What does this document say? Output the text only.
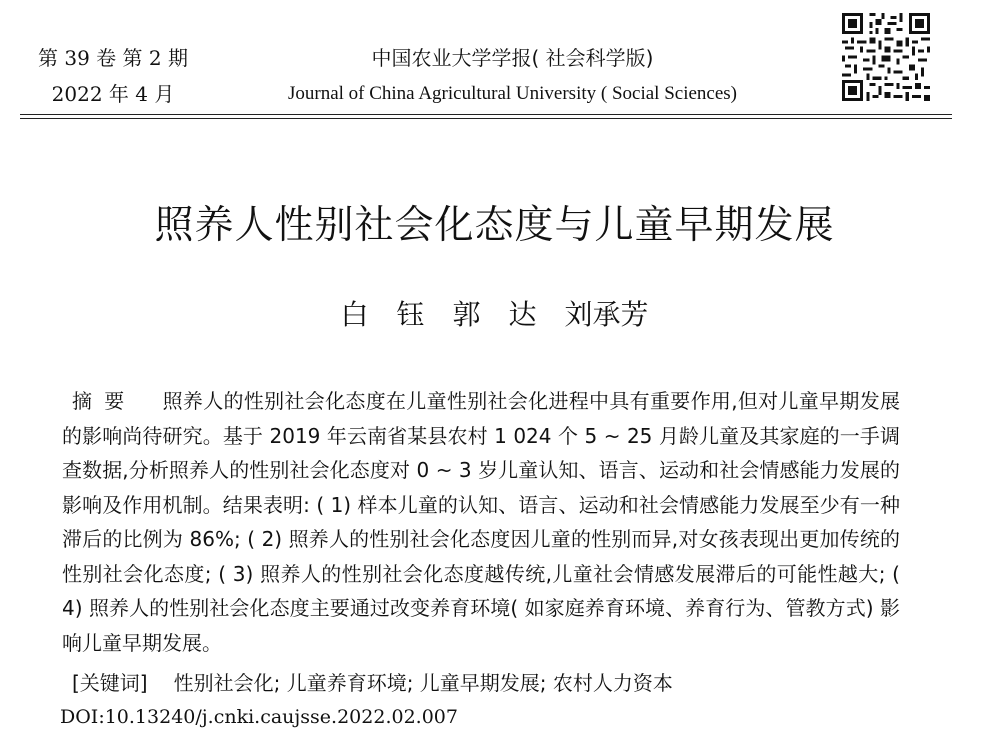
第 39 卷 第 2 期
2022 年 4 月
中国农业大学学报( 社会科学版)
Journal of China Agricultural University ( Social Sciences)
照养人性别社会化态度与儿童早期发展
白　钰　郭　达　刘承芳
摘要 照养人的性别社会化态度在儿童性别社会化进程中具有重要作用,但对儿童早期发展的影响尚待研究。基于 2019 年云南省某县农村 1 024 个 5 ~ 25 月龄儿童及其家庭的一手调查数据,分析照养人的性别社会化态度对 0 ~ 3 岁儿童认知、语言、运动和社会情感能力发展的影响及作用机制。结果表明: ( 1) 样本儿童的认知、语言、运动和社会情感能力发展至少有一种滞后的比例为 86%; ( 2) 照养人的性别社会化态度因儿童的性别而异,对女孩表现出更加传统的性别社会化态度; ( 3) 照养人的性别社会化态度越传统,儿童社会情感发展滞后的可能性越大; ( 4) 照养人的性别社会化态度主要通过改变养育环境( 如家庭养育环境、养育行为、管教方式) 影响儿童早期发展。
[关键词] 性别社会化; 儿童养育环境; 儿童早期发展; 农村人力资本
DOI:10.13240/j.cnki.caujsse.2022.02.007
